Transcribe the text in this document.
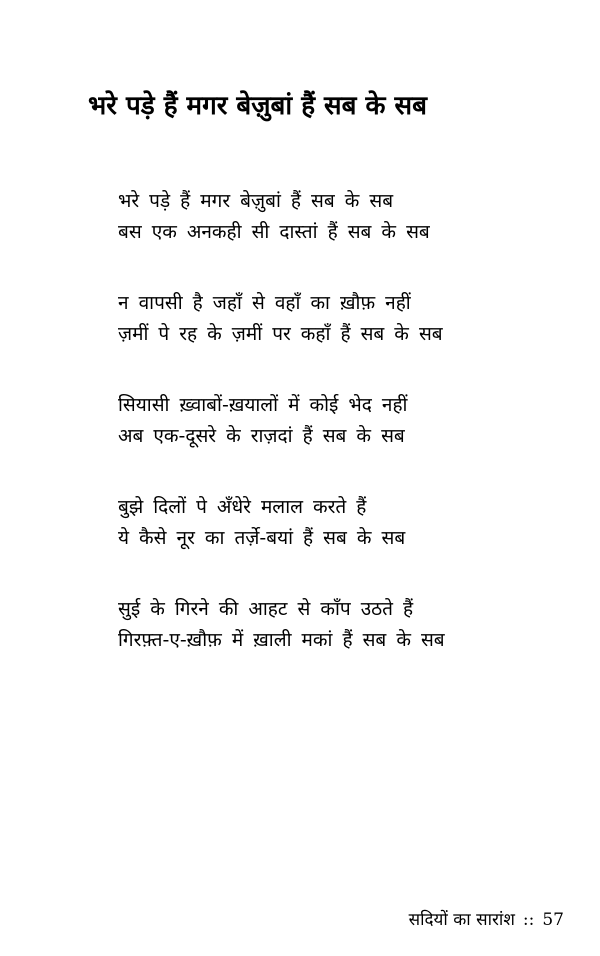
भरे पड़े हैं मगर बेज़ुबां हैं सब के सब
भरे पड़े हैं मगर बेज़ुबां हैं सब के सब
बस एक अनकही सी दास्तां हैं सब के सब
न वापसी है जहाँ से वहाँ का ख़ौफ़ नहीं
ज़मीं पे रह के ज़मीं पर कहाँ हैं सब के सब
सियासी ख़्वाबों-ख़यालों में कोई भेद नहीं
अब एक-दूसरे के राज़दां हैं सब के सब
बुझे दिलों पे अँधेरे मलाल करते हैं
ये कैसे नूर का तर्ज़े-बयां हैं सब के सब
सुई के गिरने की आहट से काँप उठते हैं
गिरफ़्त-ए-ख़ौफ़ में ख़ाली मकां हैं सब के सब
सदियों का सारांश :: 57
